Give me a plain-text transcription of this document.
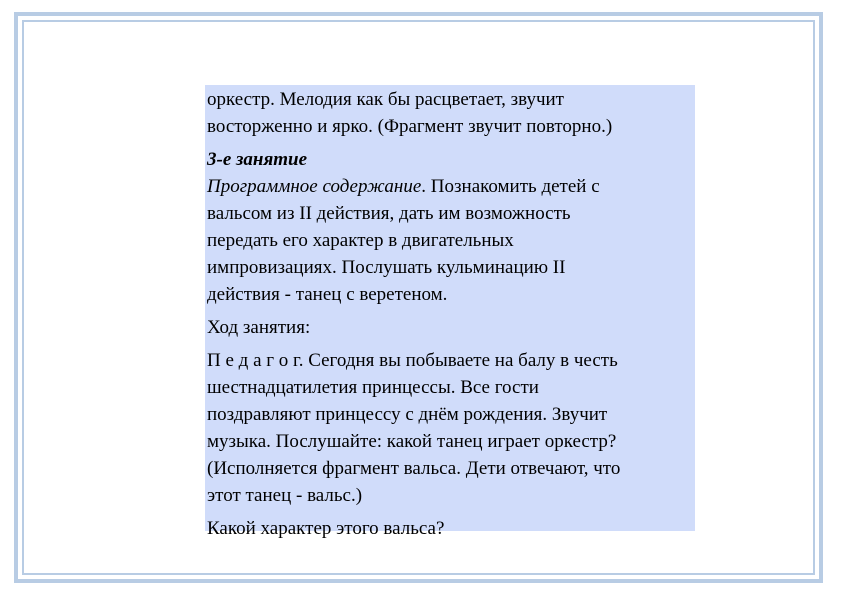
оркестр. Мелодия как бы расцветает, звучит
восторженно и ярко. (Фрагмент звучит повторно.)
3-е занятие
Программное содержание. Познакомить детей с
вальсом из II действия, дать им возможность
передать его характер в двигательных
импровизациях. Послушать кульминацию II
действия - танец с веретеном.
Ход занятия:
П е д а г о г. Сегодня вы побываете на балу в честь
шестнадцатилетия принцессы. Все гости
поздравляют принцессу с днём рождения. Звучит
музыка. Послушайте: какой танец играет оркестр?
(Исполняется фрагмент вальса. Дети отвечают, что
этот танец - вальс.)
Какой характер этого вальса?
